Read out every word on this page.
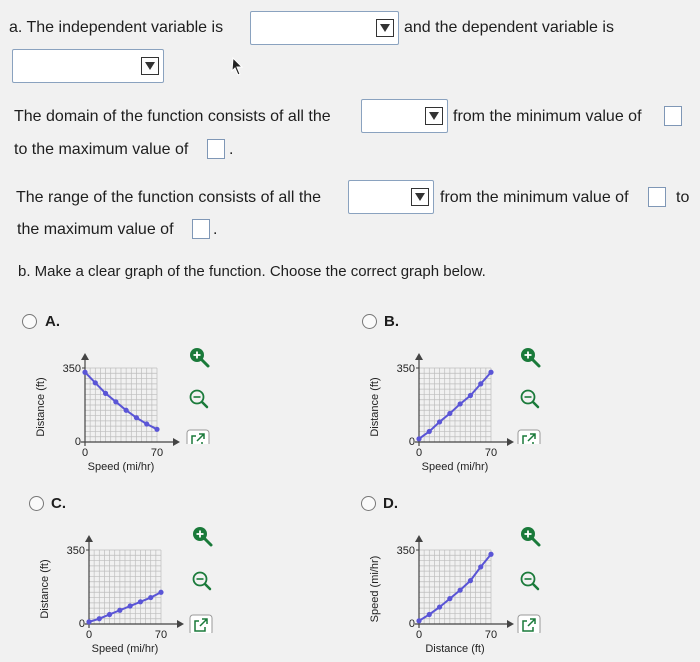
a. The independent variable is	and the dependent variable is
The domain of the function consists of all the	from the minimum value of
to the maximum value of	.
The range of the function consists of all the	from the minimum value of	to
the maximum value of .
b. Make a clear graph of the function. Choose the correct graph below.
A.
Distance (ft)
350
0
0	70
Speed (mi/hr)
B.
Distance (ft)
350
0
0	70
Speed (mi/hr)
C.
Distance (ft)
350
0
0	70
Speed (mi/hr)
D.
Speed (mi/hr)
350
0
0	70
Distance (ft)
